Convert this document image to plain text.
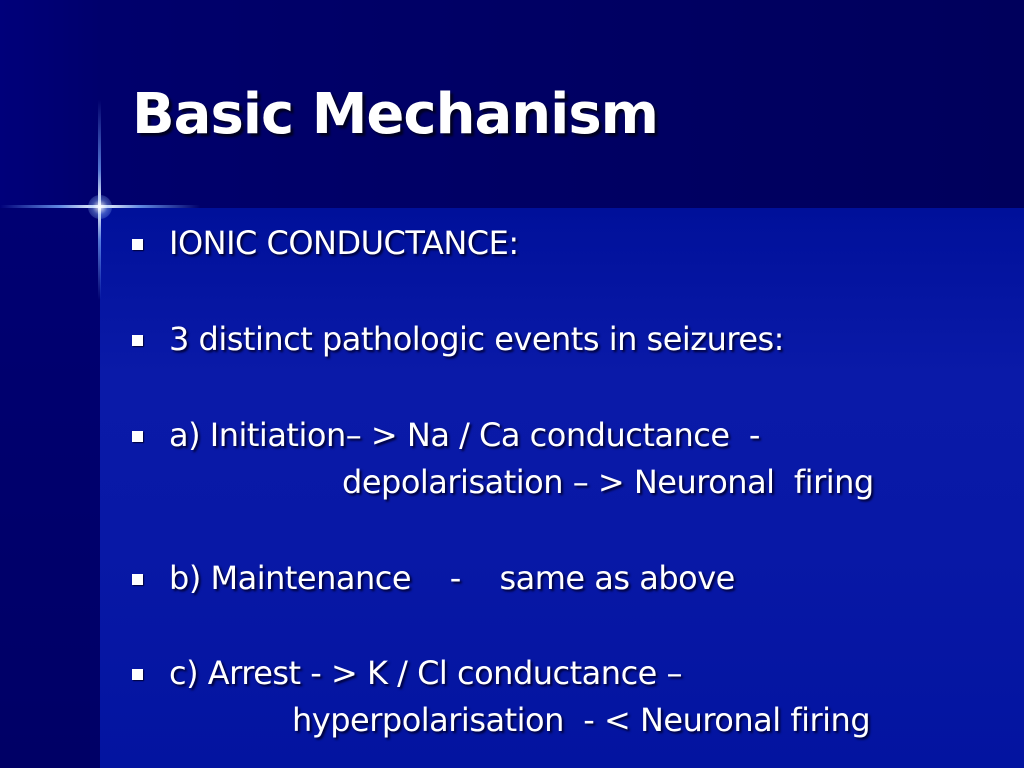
Basic Mechanism
IONIC CONDUCTANCE:
3 distinct pathologic events in seizures:
a) Initiation– > Na / Ca conductance  -
depolarisation – > Neuronal  firing
b) Maintenance    -    same as above
c) Arrest - > K / Cl conductance –
hyperpolarisation  - < Neuronal firing
